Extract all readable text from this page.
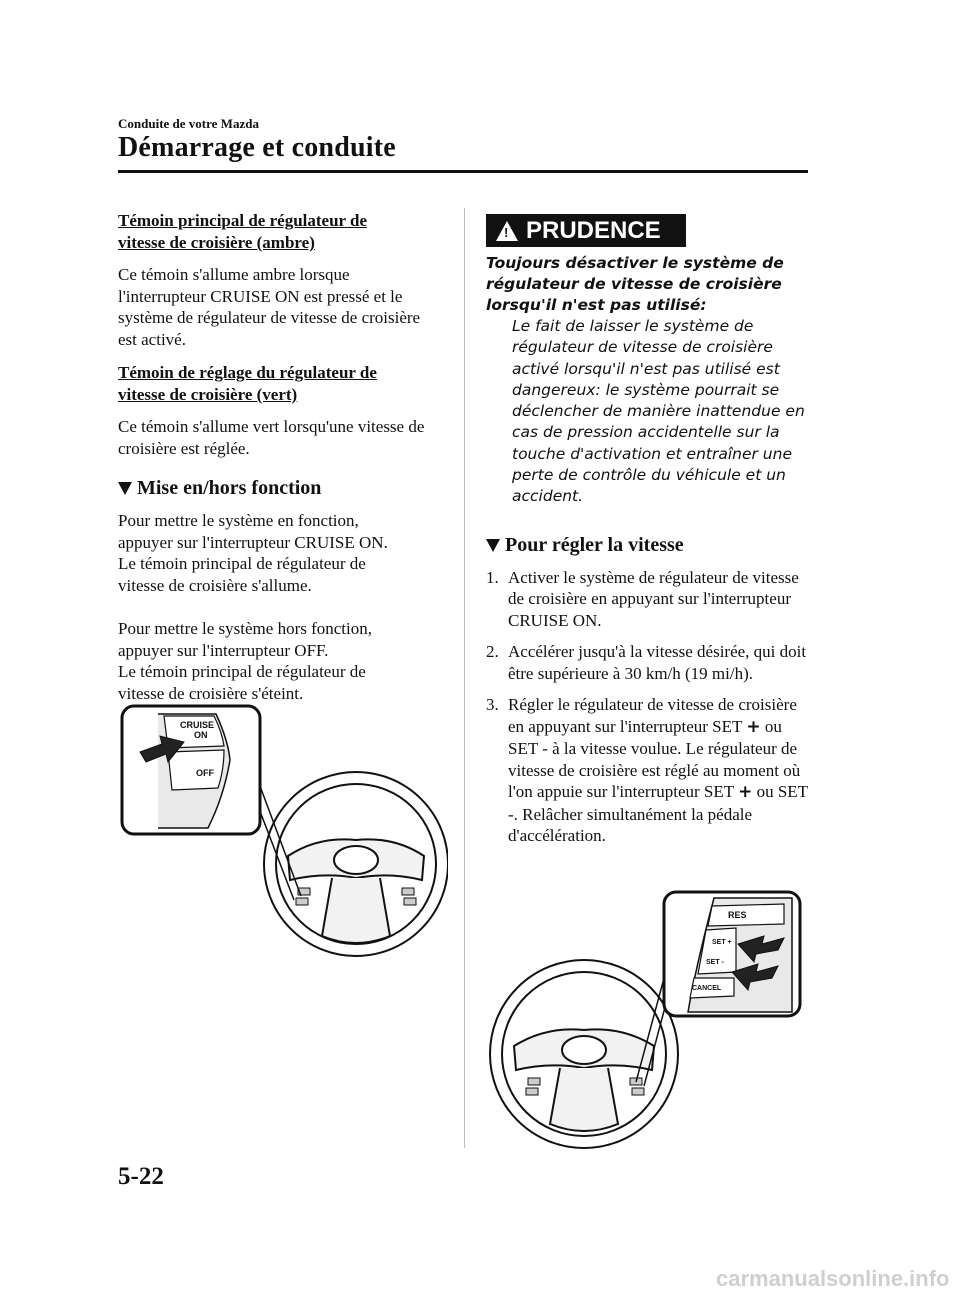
Conduite de votre Mazda
Démarrage et conduite
Témoin principal de régulateur de
vitesse de croisière (ambre)

Ce témoin s'allume ambre lorsque l'interrupteur CRUISE ON est pressé et le système de régulateur de vitesse de croisière est activé.

Témoin de réglage du régulateur de
vitesse de croisière (vert)

Ce témoin s'allume vert lorsqu'une vitesse de croisière est réglée.

Mise en/hors fonction
Pour mettre le système en fonction,
appuyer sur l'interrupteur CRUISE ON.
Le témoin principal de régulateur de
vitesse de croisière s'allume.
Pour mettre le système hors fonction,
appuyer sur l'interrupteur OFF.
Le témoin principal de régulateur de
vitesse de croisière s'éteint.
CRUISE
ON
OFF
! PRUDENCE
Toujours désactiver le système de régulateur de vitesse de croisière lorsqu'il n'est pas utilisé:
Le fait de laisser le système de régulateur de vitesse de croisière activé lorsqu'il n'est pas utilisé est dangereux: le système pourrait se déclencher de manière inattendue en cas de pression accidentelle sur la touche d'activation et entraîner une perte de contrôle du véhicule et un accident.
Pour régler la vitesse
1. Activer le système de régulateur de vitesse de croisière en appuyant sur l'interrupteur CRUISE ON.
2. Accélérer jusqu'à la vitesse désirée, qui doit être supérieure à 30 km/h (19 mi/h).
3. Régler le régulateur de vitesse de croisière en appuyant sur l'interrupteur SET + ou SET - à la vitesse voulue. Le régulateur de vitesse de croisière est réglé au moment où l'on appuie sur l'interrupteur SET + ou SET -. Relâcher simultanément la pédale d'accélération.
RES
SET +
SET -
CANCEL
5-22
carmanualsonline.info
